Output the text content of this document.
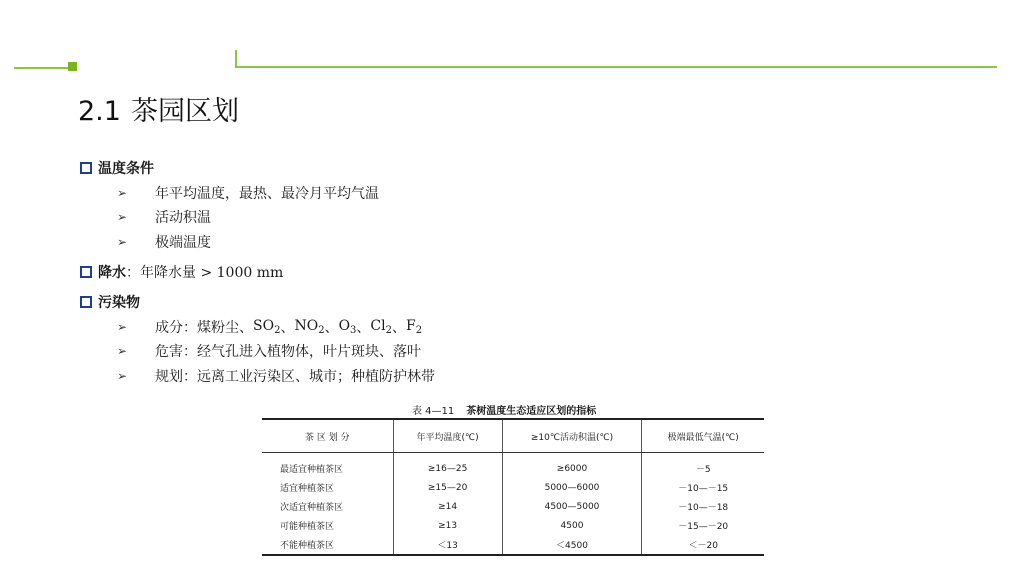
2.1 茶园区划
温度条件
➢ 年平均温度，最热、最冷月平均气温
➢ 活动积温
➢ 极端温度
降水 ：年降水量 > 1000 mm
污染物
➢ 成分：煤粉尘、 $SO_2$ 、 $NO_2$ 、 $O_3$ 、 $Cl_2$ 、 $F_2$
➢ 危害：经气孔进入植物体，叶片斑块、落叶
➢ 规划：远离工业污染区、城市；种植防护林带
表 4—11 茶树温度生态适应区划的指标
茶 区 划 分	年平均温度(℃)	≥10℃活动积温(℃)	极端最低气温(℃)
最适宜种植茶区	≥16—25	≥6000	－5
适宜种植茶区	≥15—20	5000—6000	－10—－15
次适宜种植茶区	≥14	4500—5000	－10—－18
可能种植茶区	≥13	4500	－15—－20
不能种植茶区	＜13	＜4500	＜－20
